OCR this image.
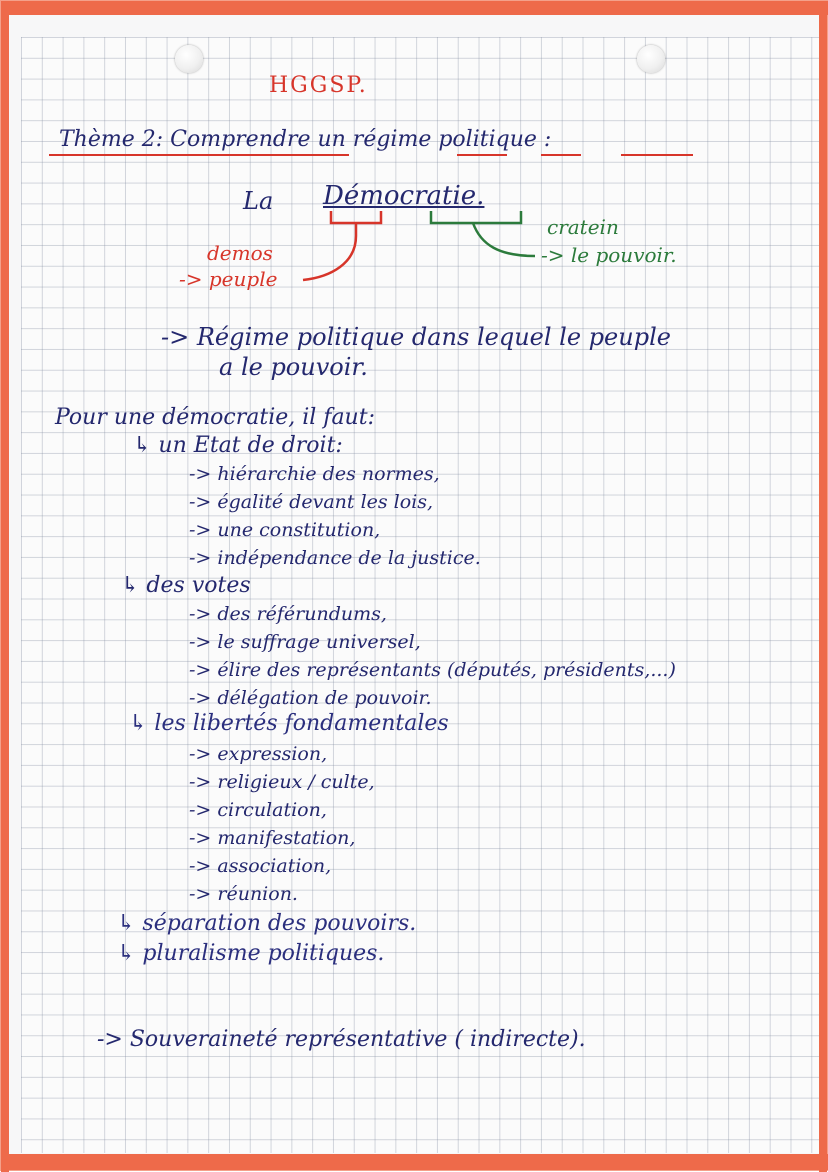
HGGSP.
Thème 2: Comprendre un régime politique :
La Démocratie.
demos
-> peuple
cratein
-> le pouvoir.
-> Régime politique dans lequel le peuple
a le pouvoir.
Pour une démocratie, il faut:
↳ un Etat de droit:
-> hiérarchie des normes,
-> égalité devant les lois,
-> une constitution,
-> indépendance de la justice.
↳ des votes
-> des référundums,
-> le suffrage universel,
-> élire des représentants (députés, présidents,...)
-> délégation de pouvoir.
↳ les libertés fondamentales
-> expression,
-> religieux / culte,
-> circulation,
-> manifestation,
-> association,
-> réunion.
↳ séparation des pouvoirs.
↳ pluralisme politiques.
-> Souveraineté représentative ( indirecte).
